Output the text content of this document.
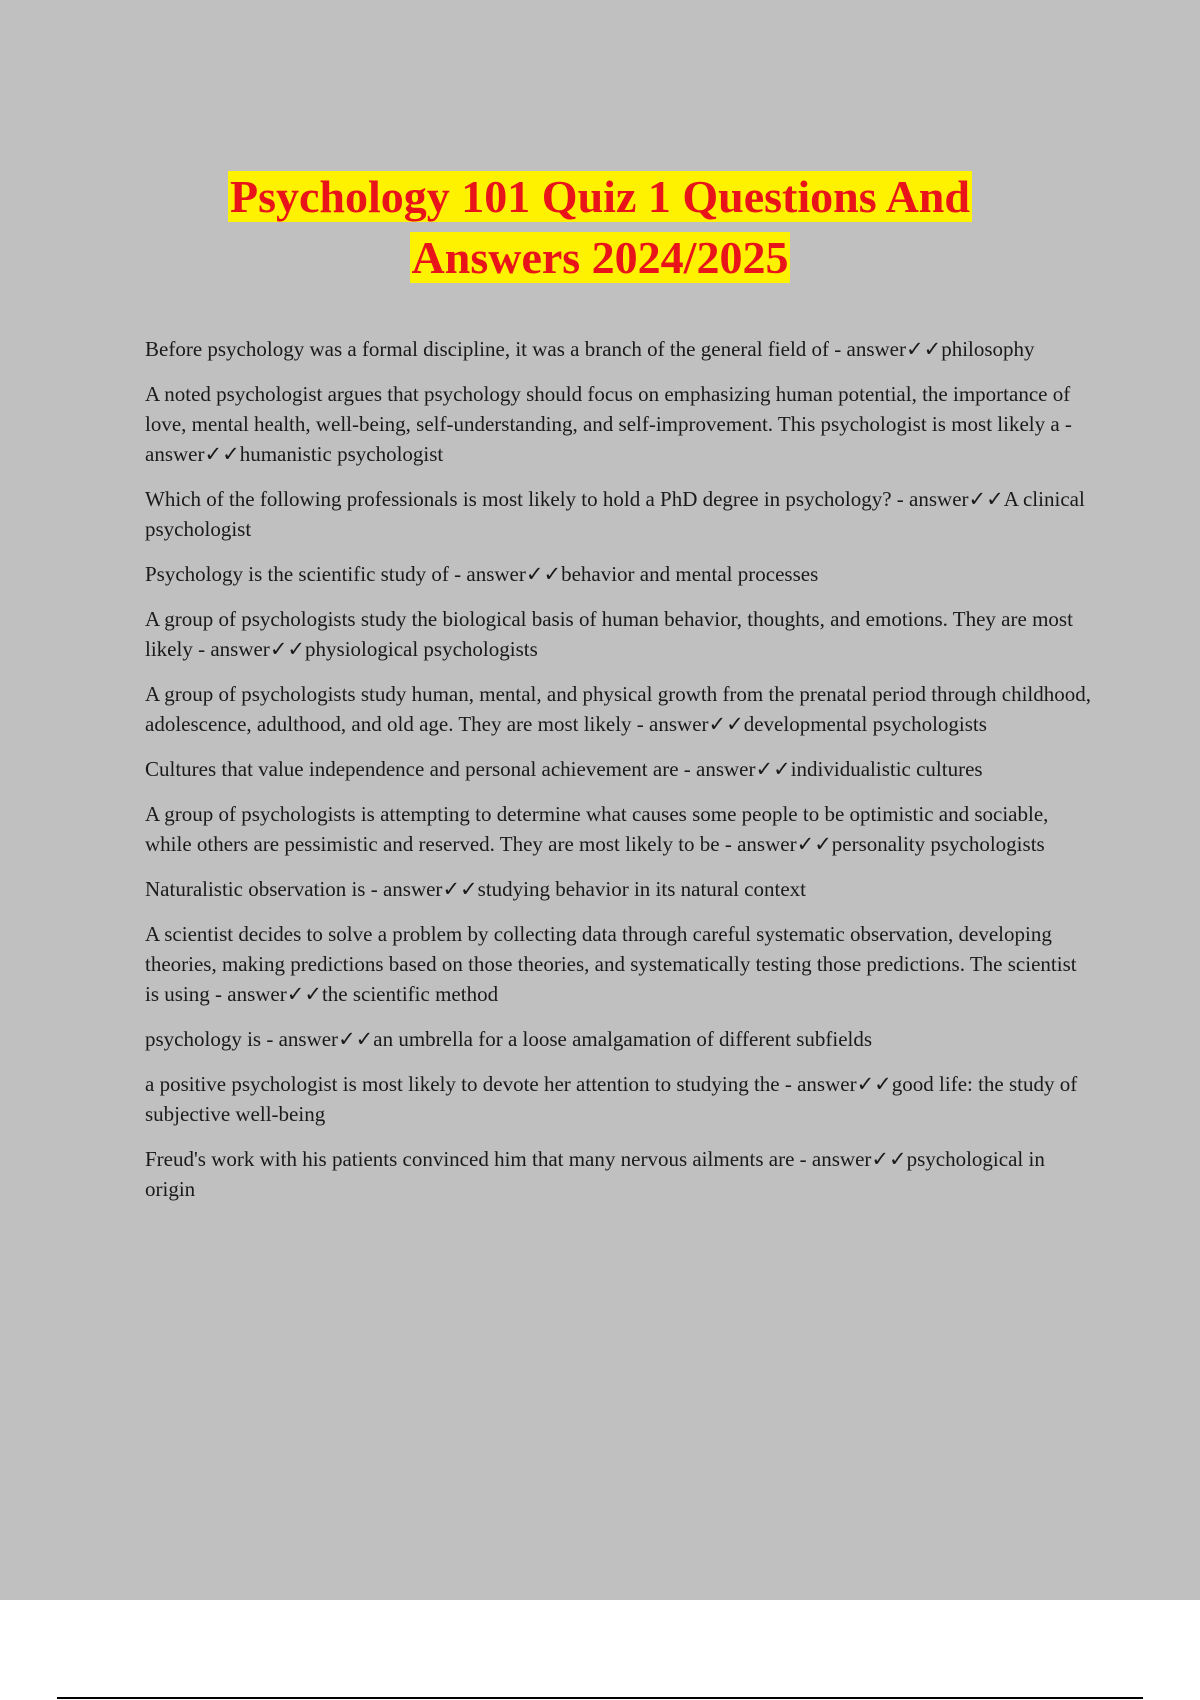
Psychology 101 Quiz 1 Questions And
Answers 2024/2025

Before psychology was a formal discipline, it was a branch of the general field of - answer✓✓philosophy

A noted psychologist argues that psychology should focus on emphasizing human potential, the importance of love, mental health, well-being, self-understanding, and self-improvement. This psychologist is most likely a - answer✓✓humanistic psychologist

Which of the following professionals is most likely to hold a PhD degree in psychology? - answer✓✓A clinical psychologist

Psychology is the scientific study of - answer✓✓behavior and mental processes

A group of psychologists study the biological basis of human behavior, thoughts, and emotions. They are most likely - answer✓✓physiological psychologists

A group of psychologists study human, mental, and physical growth from the prenatal period through childhood, adolescence, adulthood, and old age. They are most likely - answer✓✓developmental psychologists

Cultures that value independence and personal achievement are - answer✓✓individualistic cultures

A group of psychologists is attempting to determine what causes some people to be optimistic and sociable, while others are pessimistic and reserved. They are most likely to be - answer✓✓personality psychologists

Naturalistic observation is - answer✓✓studying behavior in its natural context

A scientist decides to solve a problem by collecting data through careful systematic observation, developing theories, making predictions based on those theories, and systematically testing those predictions. The scientist is using - answer✓✓the scientific method

psychology is - answer✓✓an umbrella for a loose amalgamation of different subfields

a positive psychologist is most likely to devote her attention to studying the - answer✓✓good life: the study of subjective well-being

Freud's work with his patients convinced him that many nervous ailments are - answer✓✓psychological in origin
